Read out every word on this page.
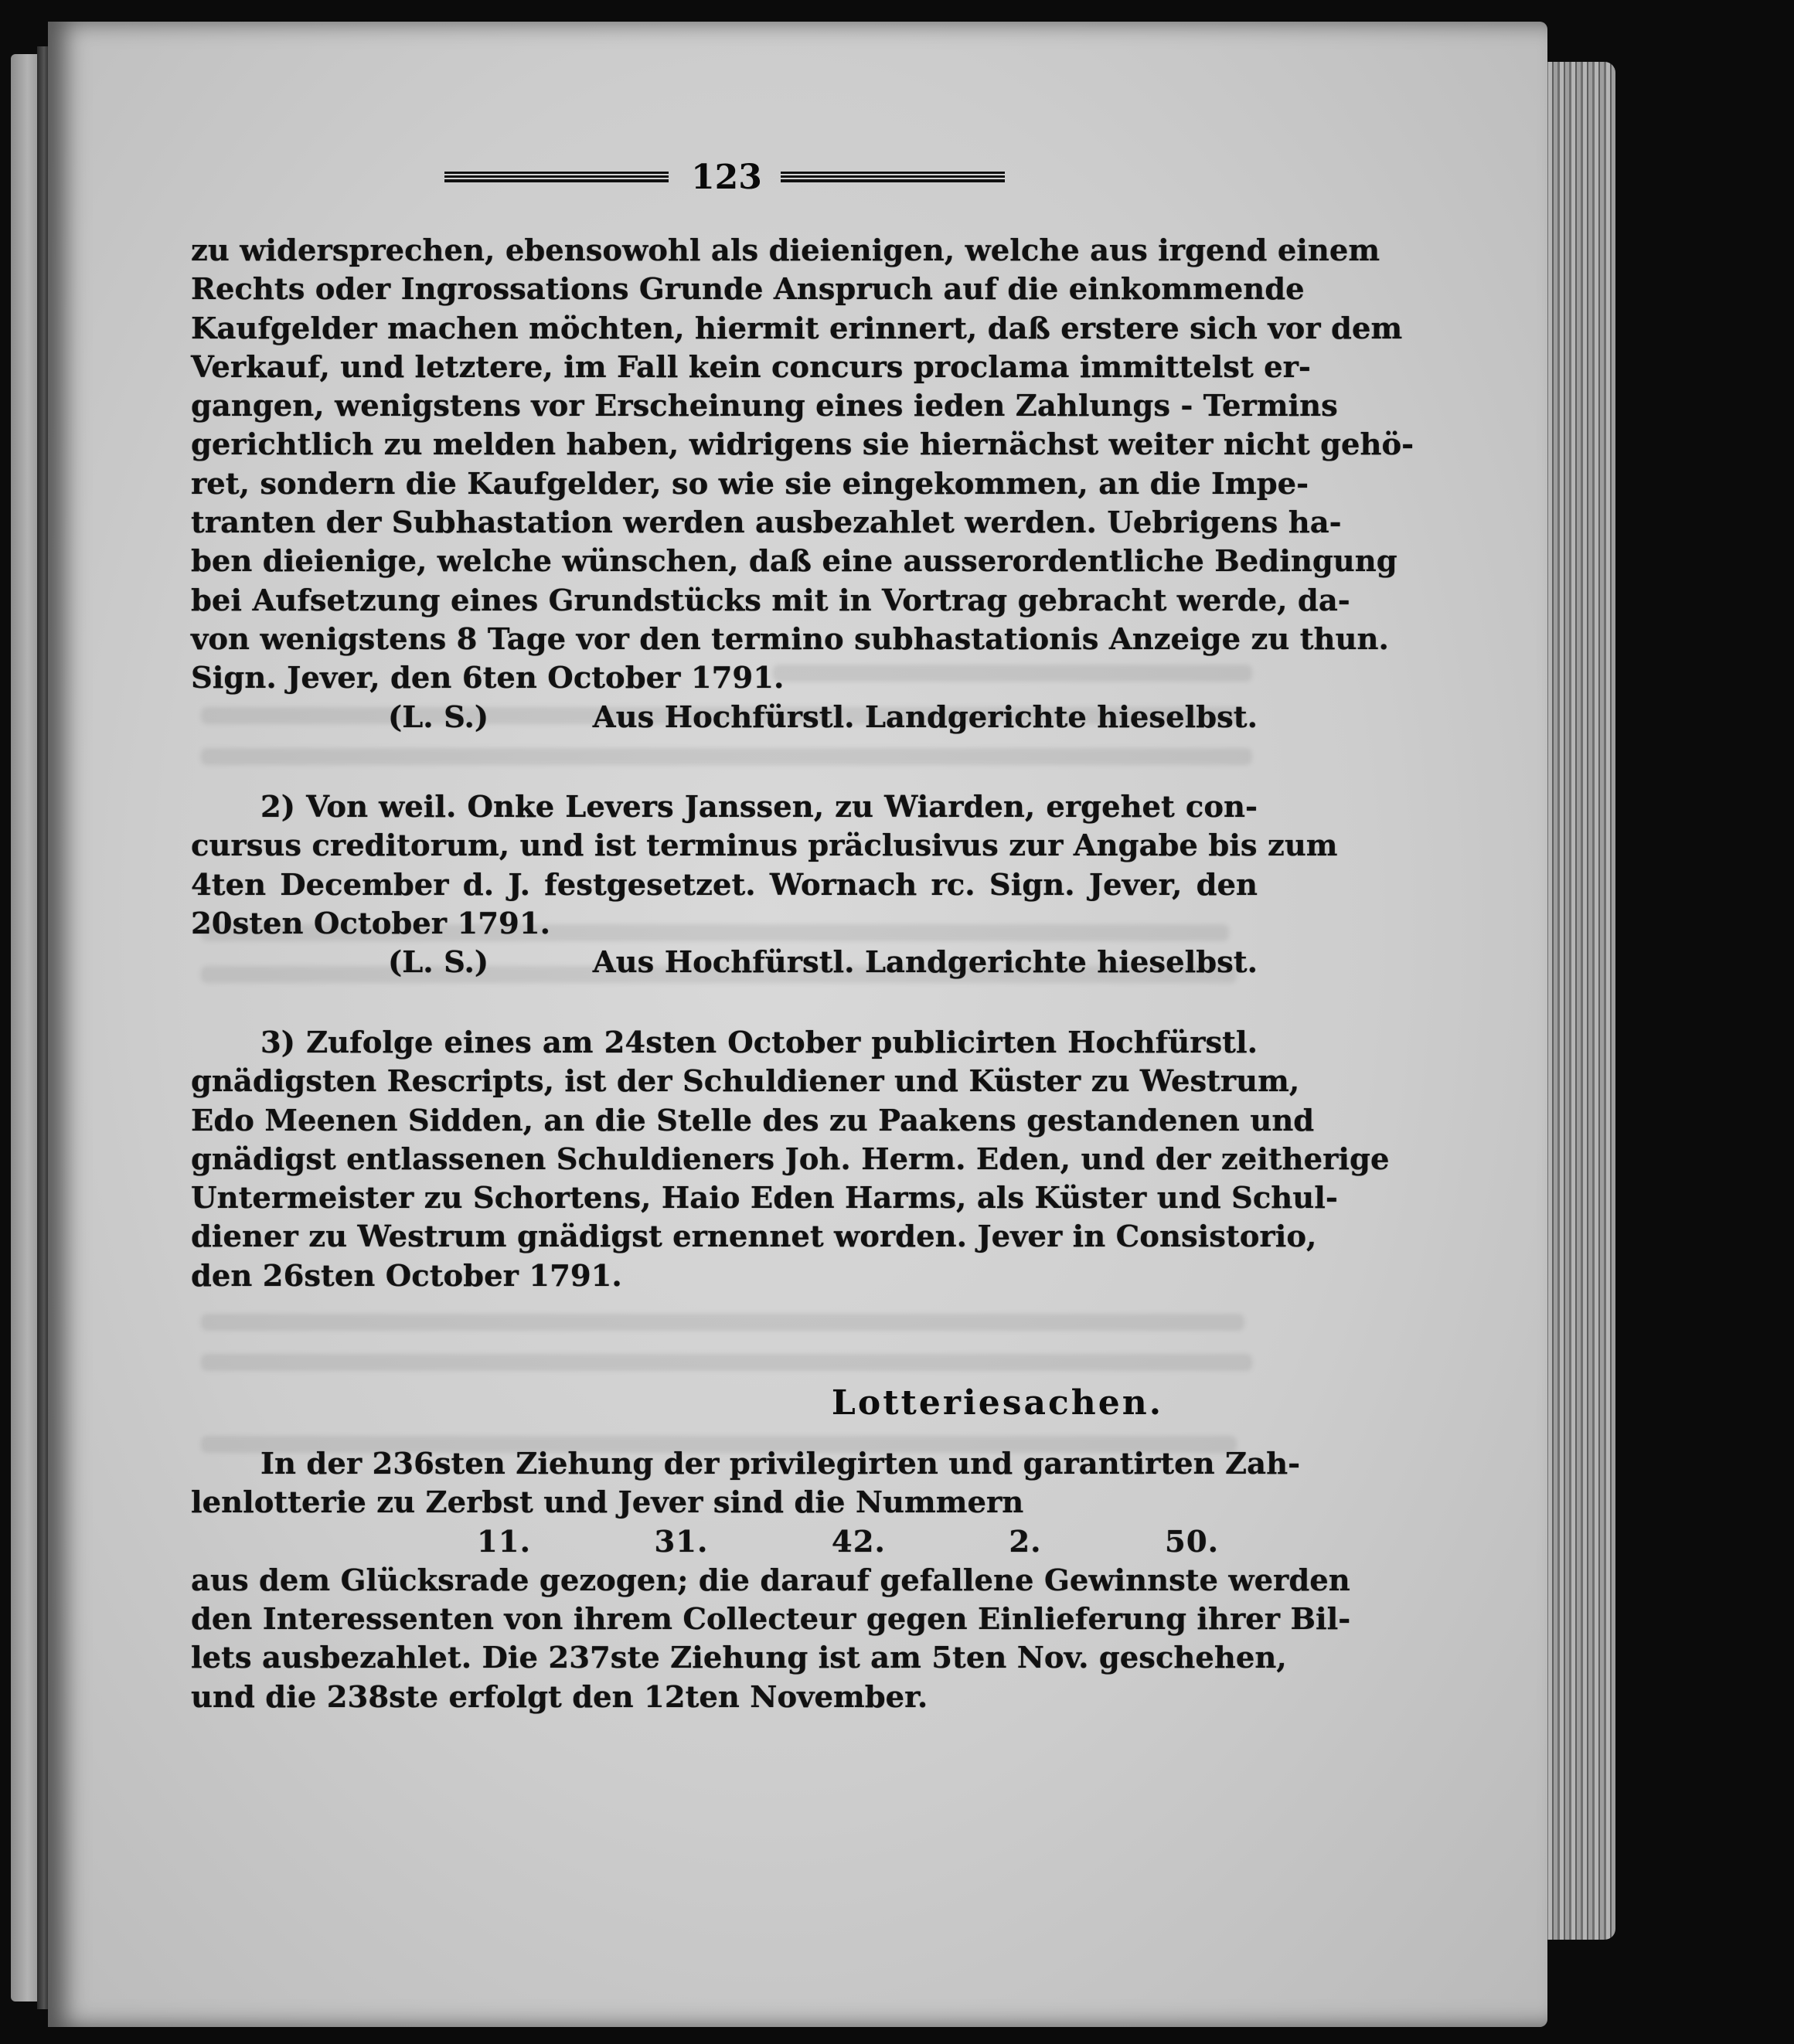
123
zu widersprechen, ebensowohl als dieienigen, welche aus irgend einem
Rechts oder Ingrossations Grunde Anspruch auf die einkommende
Kaufgelder machen möchten, hiermit erinnert, daß erstere sich vor dem
Verkauf, und letztere, im Fall kein concurs proclama immittelst er-
gangen, wenigstens vor Erscheinung eines ieden Zahlungs - Termins
gerichtlich zu melden haben, widrigens sie hiernächst weiter nicht gehö-
ret, sondern die Kaufgelder, so wie sie eingekommen, an die Impe-
tranten der Subhastation werden ausbezahlet werden. Uebrigens ha-
ben dieienige, welche wünschen, daß eine ausserordentliche Bedingung
bei Aufsetzung eines Grundstücks mit in Vortrag gebracht werde, da-
von wenigstens 8 Tage vor den termino subhastationis Anzeige zu thun.
Sign. Jever, den 6ten October 1791.
(L. S.)	Aus Hochfürstl. Landgerichte hieselbst.
2) Von weil. Onke Levers Janssen, zu Wiarden, ergehet con-
cursus creditorum, und ist terminus präclusivus zur Angabe bis zum
4ten December d. J. festgesetzet. Wornach rc. Sign. Jever, den
20sten October 1791.
(L. S.)	Aus Hochfürstl. Landgerichte hieselbst.
3) Zufolge eines am 24sten October publicirten Hochfürstl.
gnädigsten Rescripts, ist der Schuldiener und Küster zu Westrum,
Edo Meenen Sidden, an die Stelle des zu Paakens gestandenen und
gnädigst entlassenen Schuldieners Joh. Herm. Eden, und der zeitherige
Untermeister zu Schortens, Haio Eden Harms, als Küster und Schul-
diener zu Westrum gnädigst ernennet worden. Jever in Consistorio,
den 26sten October 1791.
Lotteriesachen.
In der 236sten Ziehung der privilegirten und garantirten Zah-
lenlotterie zu Zerbst und Jever sind die Nummern
11.	31.	42.	2.	50.
aus dem Glücksrade gezogen; die darauf gefallene Gewinnste werden
den Interessenten von ihrem Collecteur gegen Einlieferung ihrer Bil-
lets ausbezahlet. Die 237ste Ziehung ist am 5ten Nov. geschehen,
und die 238ste erfolgt den 12ten November.
